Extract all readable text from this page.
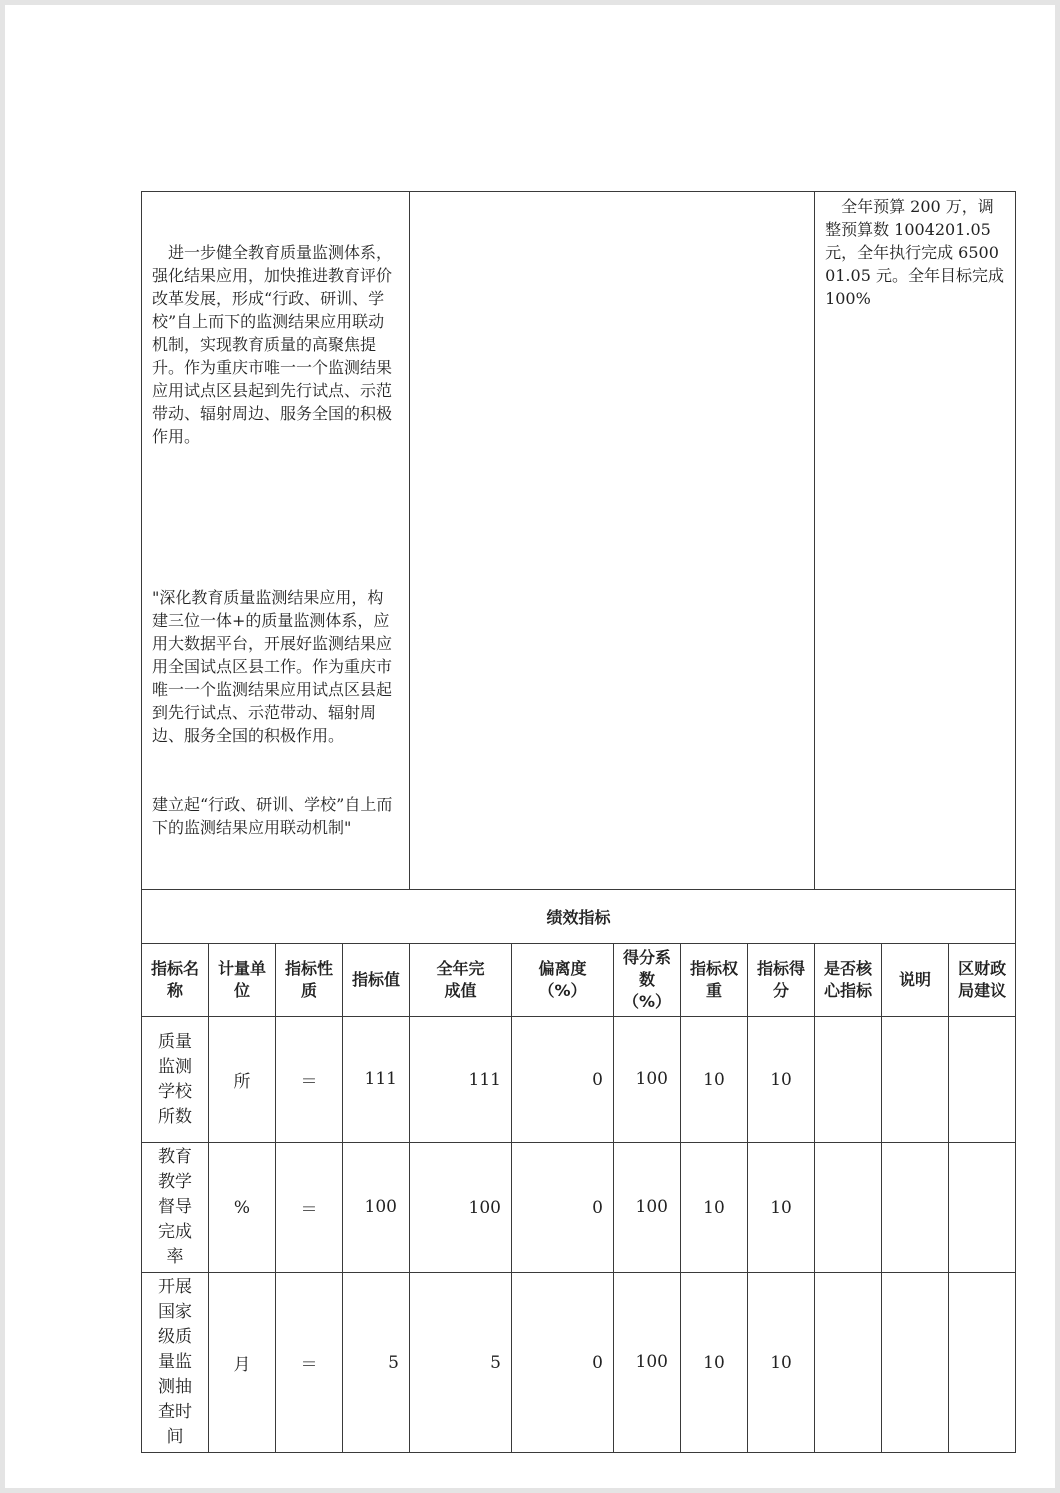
　进一步健全教育质量监测体系，强化结果应用，加快推进教育评价改革发展，形成“行政、研训、学校”自上而下的监测结果应用联动机制，实现教育质量的高聚焦提升。作为重庆市唯一一个监测结果应用试点区县起到先行试点、示范带动、辐射周边、服务全国的积极作用。

"深化教育质量监测结果应用，构建三位一体+的质量监测体系，应用大数据平台，开展好监测结果应用全国试点区县工作。作为重庆市唯一一个监测结果应用试点区县起到先行试点、示范带动、辐射周边、服务全国的积极作用。

建立起“行政、研训、学校”自上而下的监测结果应用联动机制"									　全年预算 200 万，调整预算数 1004201.05 元，全年执行完成 650001.05 元。全年目标完成 100%		

绩效指标											

指标名称	计量单位	指标性质	指标值	全年完成值	偏离度（%）	得分系数（%）	指标权重	指标得分	是否核心指标	说明	区财政局建议

质量监测学校所数	所	＝	111	111	0	100	10	10			

教育教学督导完成率	%	＝	100	100	0	100	10	10			

开展国家级质量监测抽查时间	月	＝	5	5	0	100	10	10			
